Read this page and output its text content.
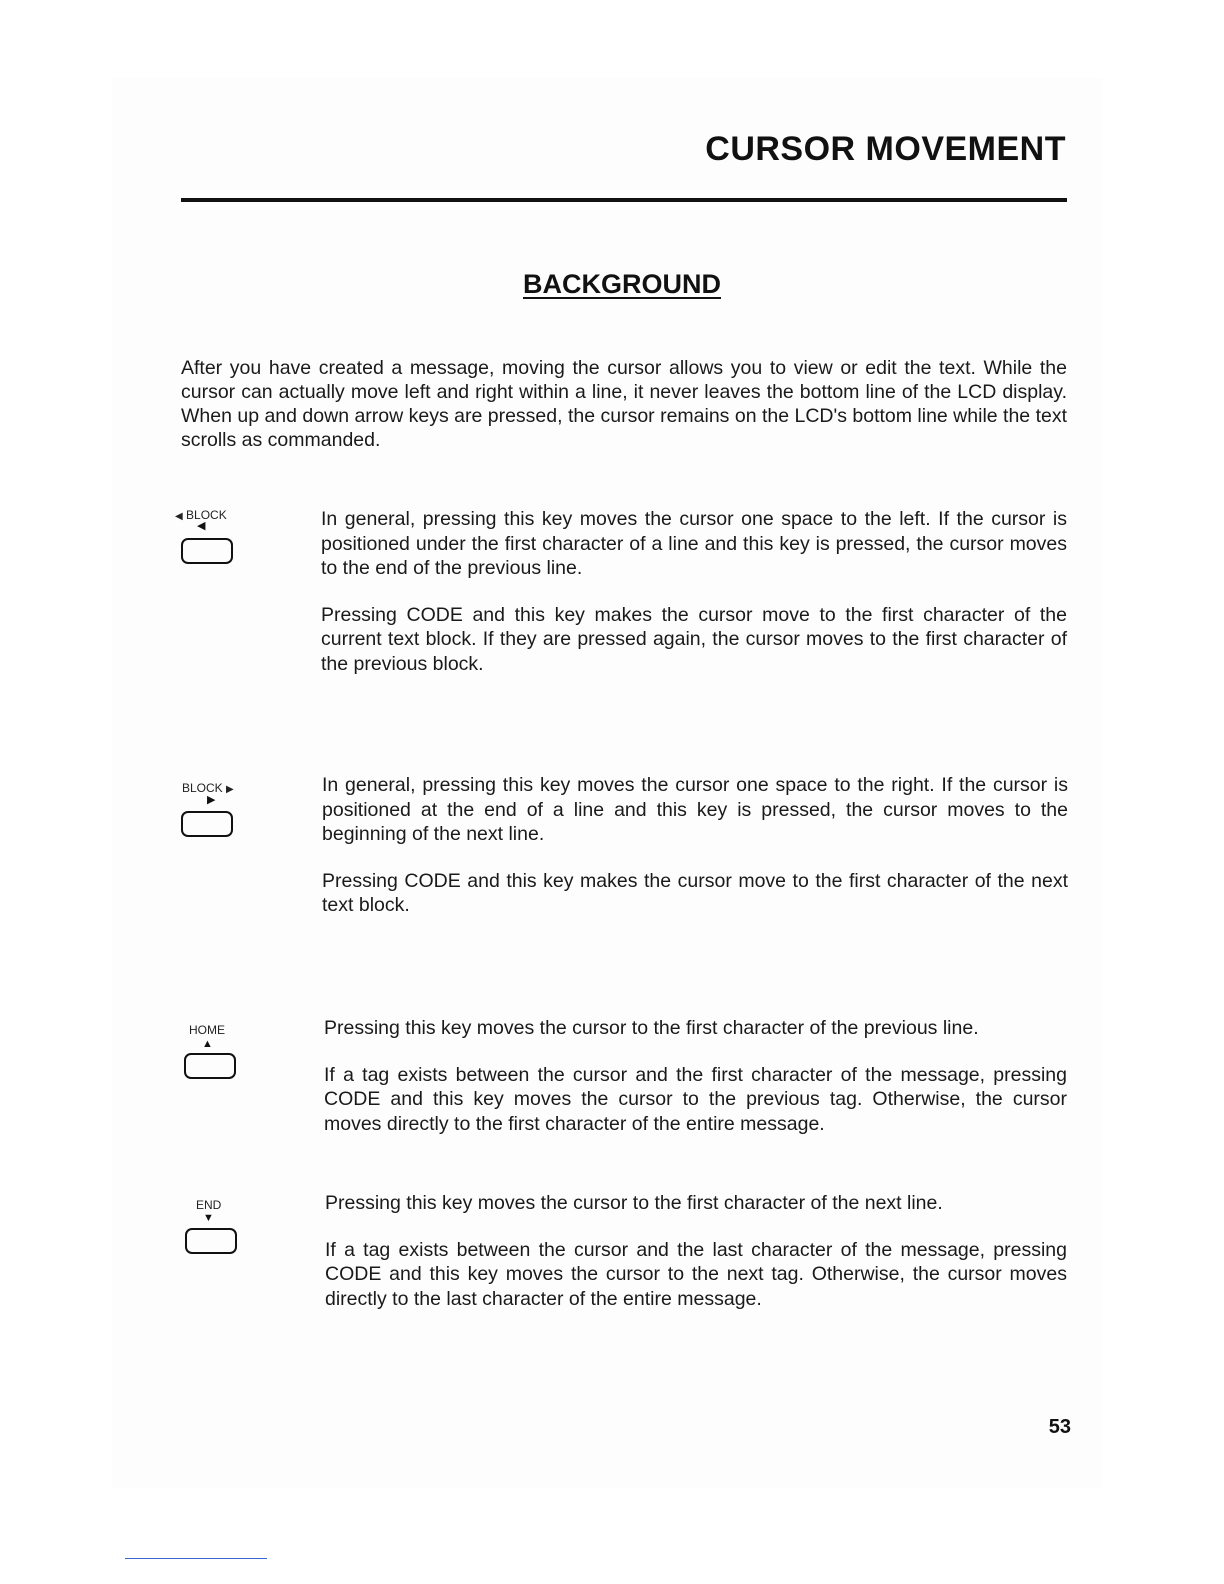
CURSOR MOVEMENT
BACKGROUND
After you have created a message, moving the cursor allows you to view or edit the text. While the cursor can actually move left and right within a line, it never leaves the bottom line of the LCD display. When up and down arrow keys are pressed, the cursor remains on the LCD's bottom line while the text scrolls as commanded.
◀ BLOCK
◀	In general, pressing this key moves the cursor one space to the left. If the cursor is positioned under the first character of a line and this key is pressed, the cursor moves to the end of the previous line.

Pressing CODE and this key makes the cursor move to the first character of the current text block. If they are pressed again, the cursor moves to the first character of the previous block.

BLOCK ▶
▶

In general, pressing this key moves the cursor one space to the right. If the cursor is positioned at the end of a line and this key is pressed, the cursor moves to the beginning of the next line.

Pressing CODE and this key makes the cursor move to the first character of the next text block.

HOME
▲

Pressing this key moves the cursor to the first character of the previous line.

If a tag exists between the cursor and the first character of the message, pressing CODE and this key moves the cursor to the previous tag. Otherwise, the cursor moves directly to the first character of the entire message.

END
▼

Pressing this key moves the cursor to the first character of the next line.

If a tag exists between the cursor and the last character of the message, pressing CODE and this key moves the cursor to the next tag. Otherwise, the cursor moves directly to the last character of the entire message.

53
